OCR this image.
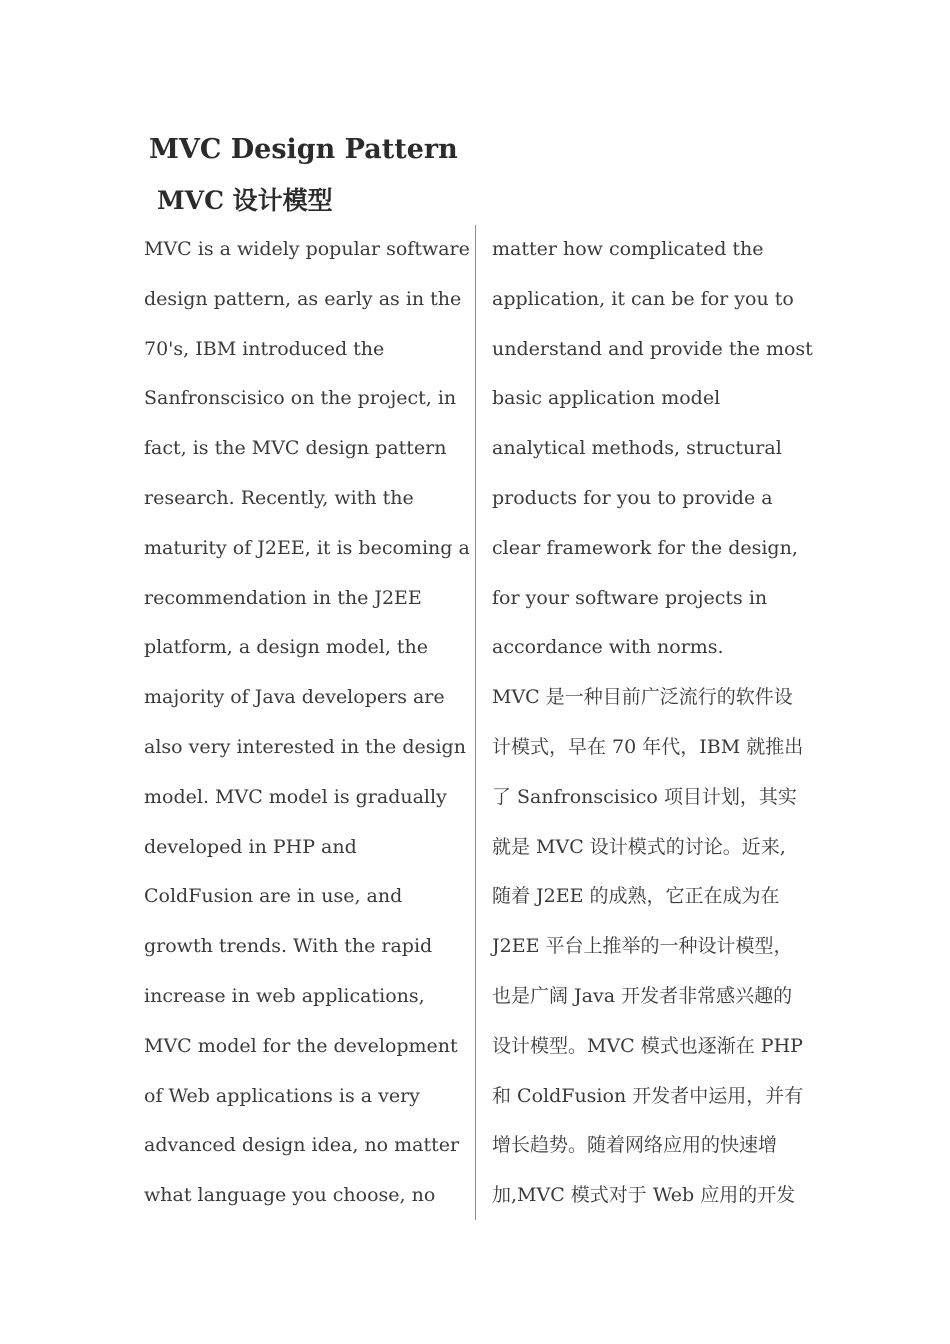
MVC Design Pattern
MVC 设计模型
MVC is a widely popular software
design pattern, as early as in the
70's, IBM introduced the
Sanfronscisico on the project, in
fact, is the MVC design pattern
research. Recently, with the
maturity of J2EE, it is becoming a
recommendation in the J2EE
platform, a design model, the
majority of Java developers are
also very interested in the design
model. MVC model is gradually
developed in PHP and
ColdFusion are in use, and
growth trends. With the rapid
increase in web applications,
MVC model for the development
of Web applications is a very
advanced design idea, no matter
what language you choose, no
matter how complicated the
application, it can be for you to
understand and provide the most
basic application model
analytical methods, structural
products for you to provide a
clear framework for the design,
for your software projects in
accordance with norms.
MVC 是一种目前广泛流行的软件设
计模式，早在 70 年代，IBM 就推出
了 Sanfronscisico 项目计划，其实
就是 MVC 设计模式的讨论。近来,
随着 J2EE 的成熟，它正在成为在
J2EE 平台上推举的一种设计模型，
也是广阔 Java 开发者非常感兴趣的
设计模型。MVC 模式也逐渐在 PHP
和 ColdFusion 开发者中运用，并有
增长趋势。随着网络应用的快速增
加,MVC 模式对于 Web 应用的开发
